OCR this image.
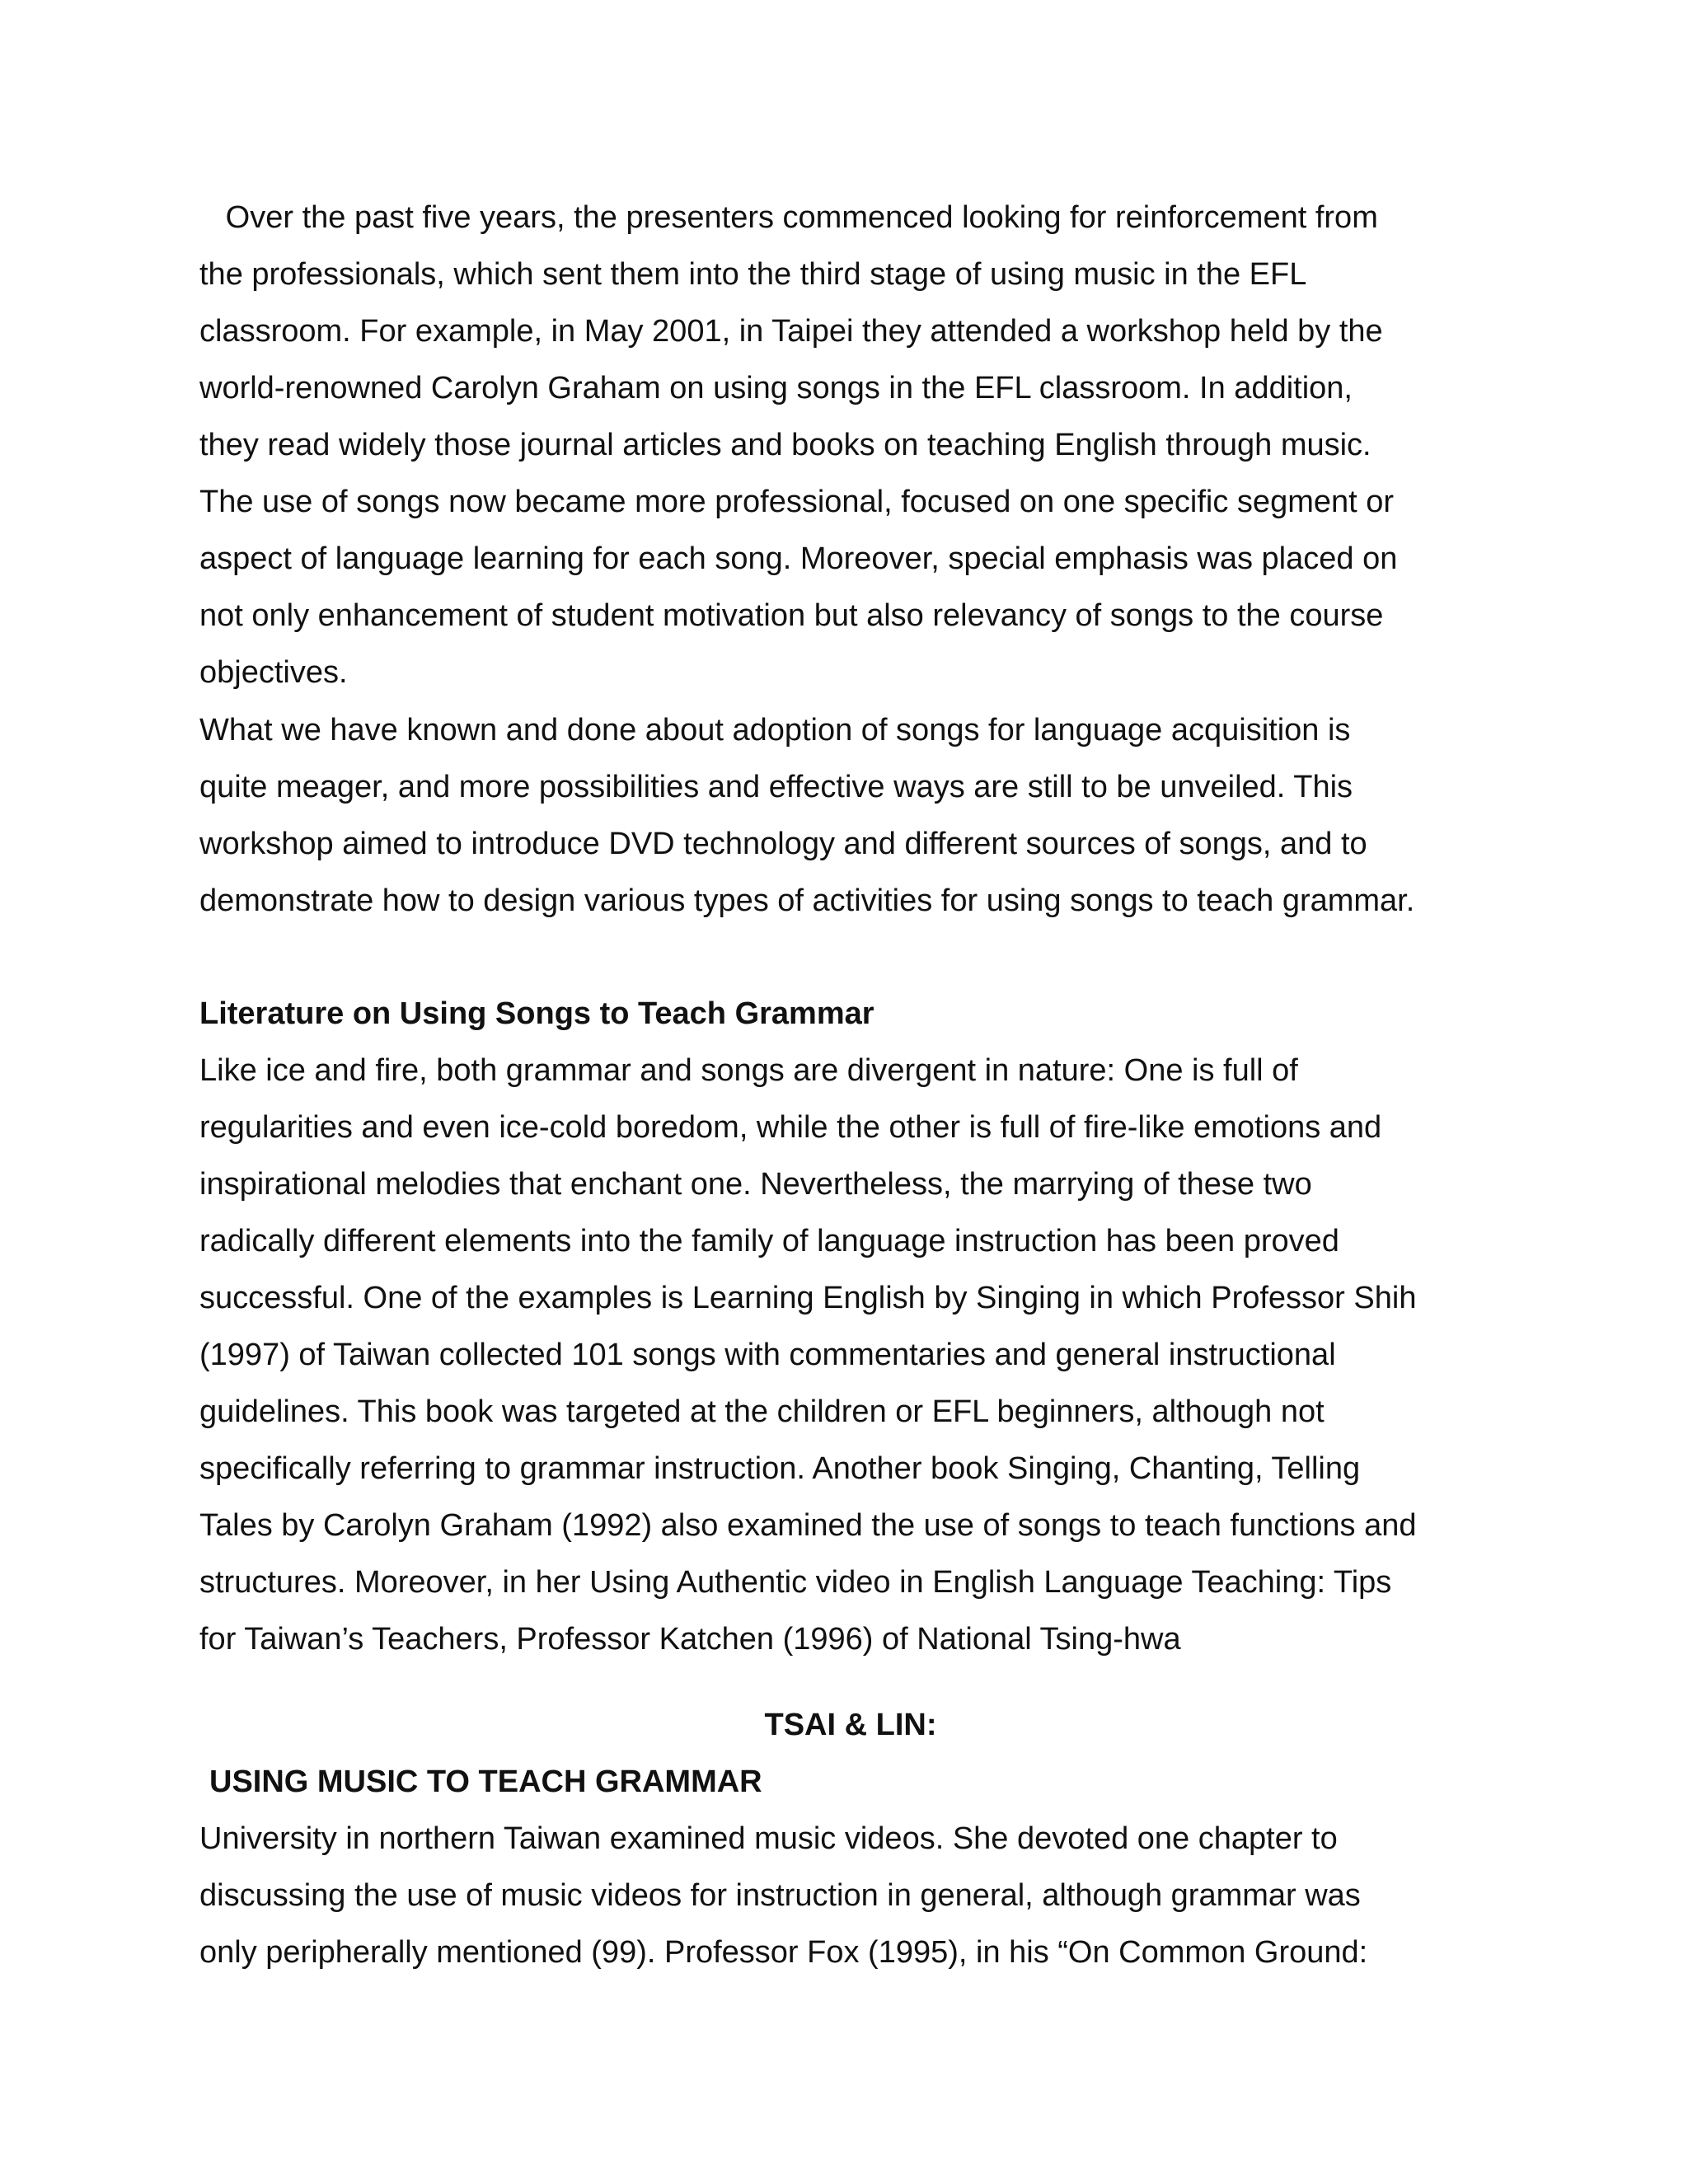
Over the past five years, the presenters commenced looking for reinforcement from
the professionals, which sent them into the third stage of using music in the EFL
classroom. For example, in May 2001, in Taipei they attended a workshop held by the
world-renowned Carolyn Graham on using songs in the EFL classroom. In addition,
they read widely those journal articles and books on teaching English through music.
The use of songs now became more professional, focused on one specific segment or
aspect of language learning for each song. Moreover, special emphasis was placed on
not only enhancement of student motivation but also relevancy of songs to the course
objectives.

What we have known and done about adoption of songs for language acquisition is
quite meager, and more possibilities and effective ways are still to be unveiled. This
workshop aimed to introduce DVD technology and different sources of songs, and to
demonstrate how to design various types of activities for using songs to teach grammar.

Literature on Using Songs to Teach Grammar

Like ice and fire, both grammar and songs are divergent in nature: One is full of
regularities and even ice-cold boredom, while the other is full of fire-like emotions and
inspirational melodies that enchant one. Nevertheless, the marrying of these two
radically different elements into the family of language instruction has been proved
successful. One of the examples is Learning English by Singing in which Professor Shih
(1997) of Taiwan collected 101 songs with commentaries and general instructional
guidelines. This book was targeted at the children or EFL beginners, although not
specifically referring to grammar instruction. Another book Singing, Chanting, Telling
Tales by Carolyn Graham (1992) also examined the use of songs to teach functions and
structures. Moreover, in her Using Authentic video in English Language Teaching: Tips
for Taiwan’s Teachers, Professor Katchen (1996) of National Tsing-hwa

TSAI & LIN:
USING MUSIC TO TEACH GRAMMAR

University in northern Taiwan examined music videos. She devoted one chapter to
discussing the use of music videos for instruction in general, although grammar was
only peripherally mentioned (99). Professor Fox (1995), in his “On Common Ground:
